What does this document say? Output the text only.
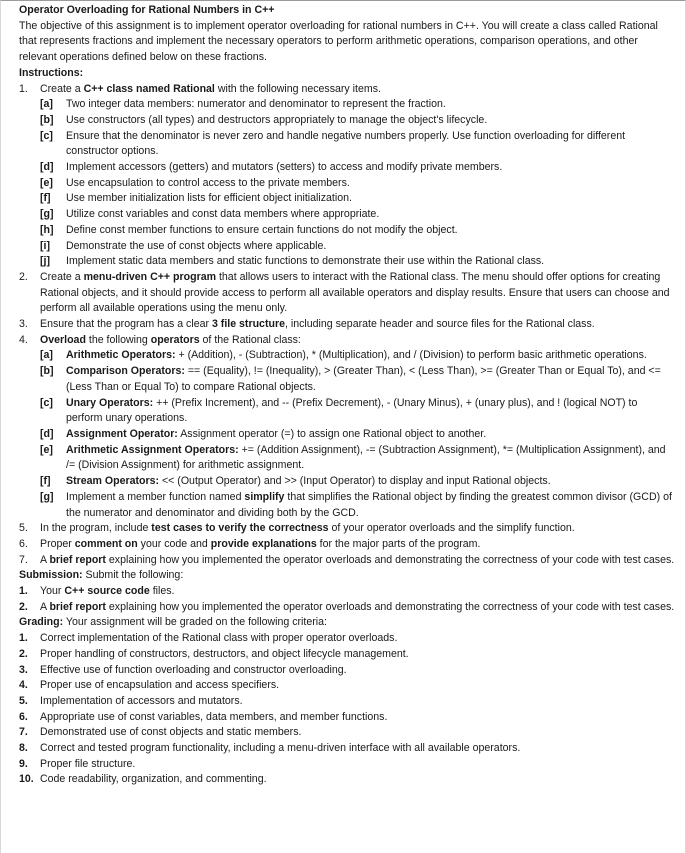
Operator Overloading for Rational Numbers in C++

The objective of this assignment is to implement operator overloading for rational numbers in C++. You will create a class called Rational that represents fractions and implement the necessary operators to perform arithmetic operations, comparison operations, and other relevant operations defined below on these fractions.

Instructions:

1.	Create a C++ class named Rational with the following necessary items.
[a]	Two integer data members: numerator and denominator to represent the fraction.
[b]	Use constructors (all types) and destructors appropriately to manage the object's lifecycle.
[c]	Ensure that the denominator is never zero and handle negative numbers properly. Use function overloading for different constructor options.
[d]	Implement accessors (getters) and mutators (setters) to access and modify private members.
[e]	Use encapsulation to control access to the private members.
[f]	Use member initialization lists for efficient object initialization.
[g]	Utilize const variables and const data members where appropriate.
[h]	Define const member functions to ensure certain functions do not modify the object.
[i]	Demonstrate the use of const objects where applicable.
[j]	Implement static data members and static functions to demonstrate their use within the Rational class.
2.	Create a menu-driven C++ program that allows users to interact with the Rational class. The menu should offer options for creating Rational objects, and it should provide access to perform all available operators and display results. Ensure that users can choose and perform all available operations using the menu only.
3.	Ensure that the program has a clear 3 file structure, including separate header and source files for the Rational class.
4.	Overload the following operators of the Rational class:
[a]	Arithmetic Operators: + (Addition), - (Subtraction), * (Multiplication), and / (Division) to perform basic arithmetic operations.
[b]	Comparison Operators: == (Equality), != (Inequality), > (Greater Than), < (Less Than), >= (Greater Than or Equal To), and <= (Less Than or Equal To) to compare Rational objects.
[c]	Unary Operators: ++ (Prefix Increment), and -- (Prefix Decrement), - (Unary Minus), + (unary plus), and ! (logical NOT) to perform unary operations.
[d]	Assignment Operator: Assignment operator (=) to assign one Rational object to another.
[e]	Arithmetic Assignment Operators: += (Addition Assignment), -= (Subtraction Assignment), *= (Multiplication Assignment), and /= (Division Assignment) for arithmetic assignment.
[f]	Stream Operators: << (Output Operator) and >> (Input Operator) to display and input Rational objects.
[g]	Implement a member function named simplify that simplifies the Rational object by finding the greatest common divisor (GCD) of the numerator and denominator and dividing both by the GCD.
5.	In the program, include test cases to verify the correctness of your operator overloads and the simplify function.
6.	Proper comment on your code and provide explanations for the major parts of the program.
7.	A brief report explaining how you implemented the operator overloads and demonstrating the correctness of your code with test cases.

Submission: Submit the following:

1.	Your C++ source code files.
2.	A brief report explaining how you implemented the operator overloads and demonstrating the correctness of your code with test cases.

Grading: Your assignment will be graded on the following criteria:

1.	Correct implementation of the Rational class with proper operator overloads.
2.	Proper handling of constructors, destructors, and object lifecycle management.
3.	Effective use of function overloading and constructor overloading.
4.	Proper use of encapsulation and access specifiers.
5.	Implementation of accessors and mutators.
6.	Appropriate use of const variables, data members, and member functions.
7.	Demonstrated use of const objects and static members.
8.	Correct and tested program functionality, including a menu-driven interface with all available operators.
9.	Proper file structure.
10. Code readability, organization, and commenting.
